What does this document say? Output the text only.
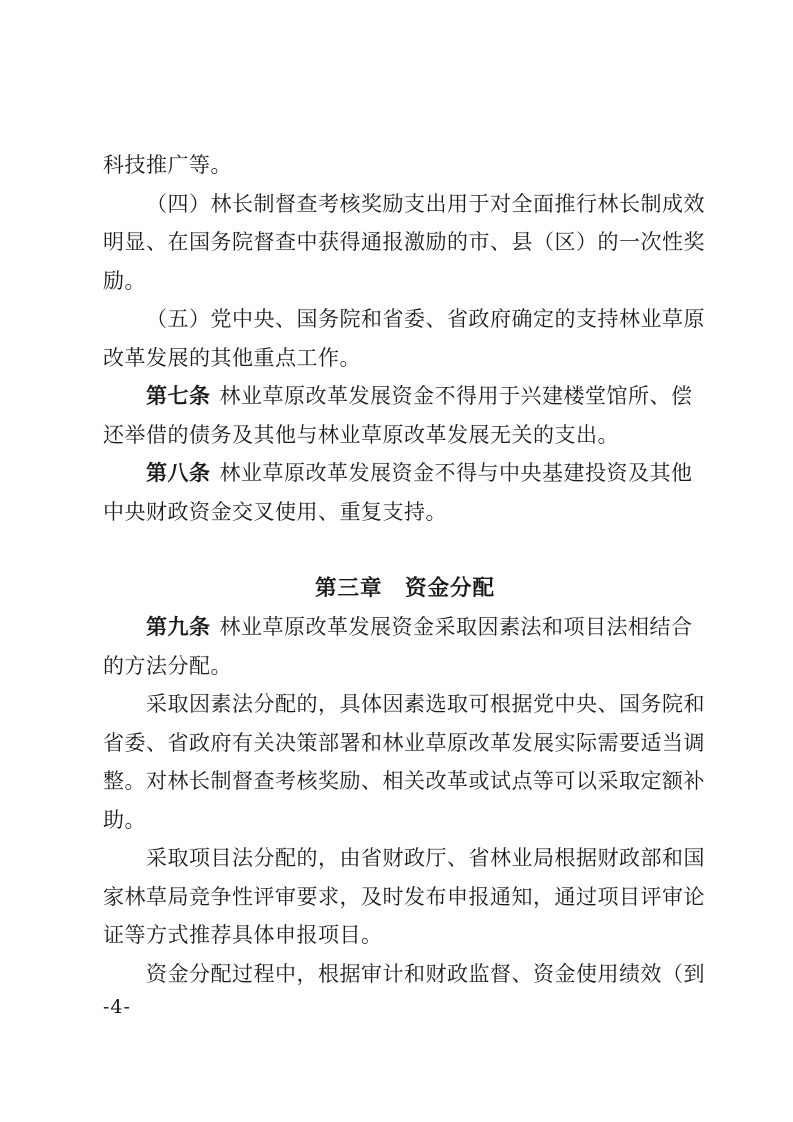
科技推广等。
（四）林长制督查考核奖励支出用于对全面推行林长制成效
明显、在国务院督查中获得通报激励的市、县（区）的一次性奖
励。
（五）党中央、国务院和省委、省政府确定的支持林业草原
改革发展的其他重点工作。
第七条 林业草原改革发展资金不得用于兴建楼堂馆所、偿
还举借的债务及其他与林业草原改革发展无关的支出。
第八条 林业草原改革发展资金不得与中央基建投资及其他
中央财政资金交叉使用、重复支持。
第三章　资金分配
第九条 林业草原改革发展资金采取因素法和项目法相结合
的方法分配。
采取因素法分配的，具体因素选取可根据党中央、国务院和
省委、省政府有关决策部署和林业草原改革发展实际需要适当调
整。对林长制督查考核奖励、相关改革或试点等可以采取定额补
助。
采取项目法分配的，由省财政厅、省林业局根据财政部和国
家林草局竞争性评审要求，及时发布申报通知，通过项目评审论
证等方式推荐具体申报项目。
资金分配过程中，根据审计和财政监督、资金使用绩效（到
-4-
